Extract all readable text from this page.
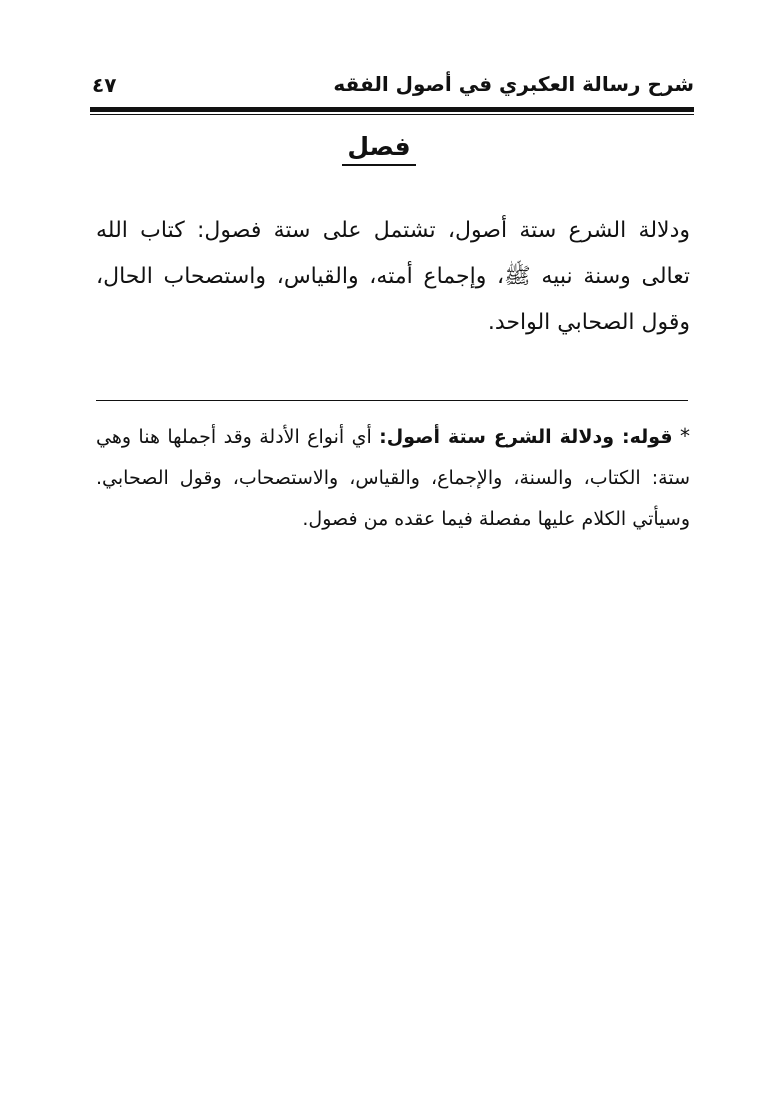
شرح رسالة العكبري في أصول الفقه
٤٧
فصل
ودلالة الشرع ستة أصول، تشتمل على ستة فصول: كتاب الله تعالى وسنة نبيه ﷺ، وإجماع أمته، والقياس، واستصحاب الحال، وقول الصحابي الواحد.
* قوله: ودلالة الشرع ستة أصول: أي أنواع الأدلة وقد أجملها هنا وهي ستة: الكتاب، والسنة، والإجماع، والقياس، والاستصحاب، وقول الصحابي. وسيأتي الكلام عليها مفصلة فيما عقده من فصول.
